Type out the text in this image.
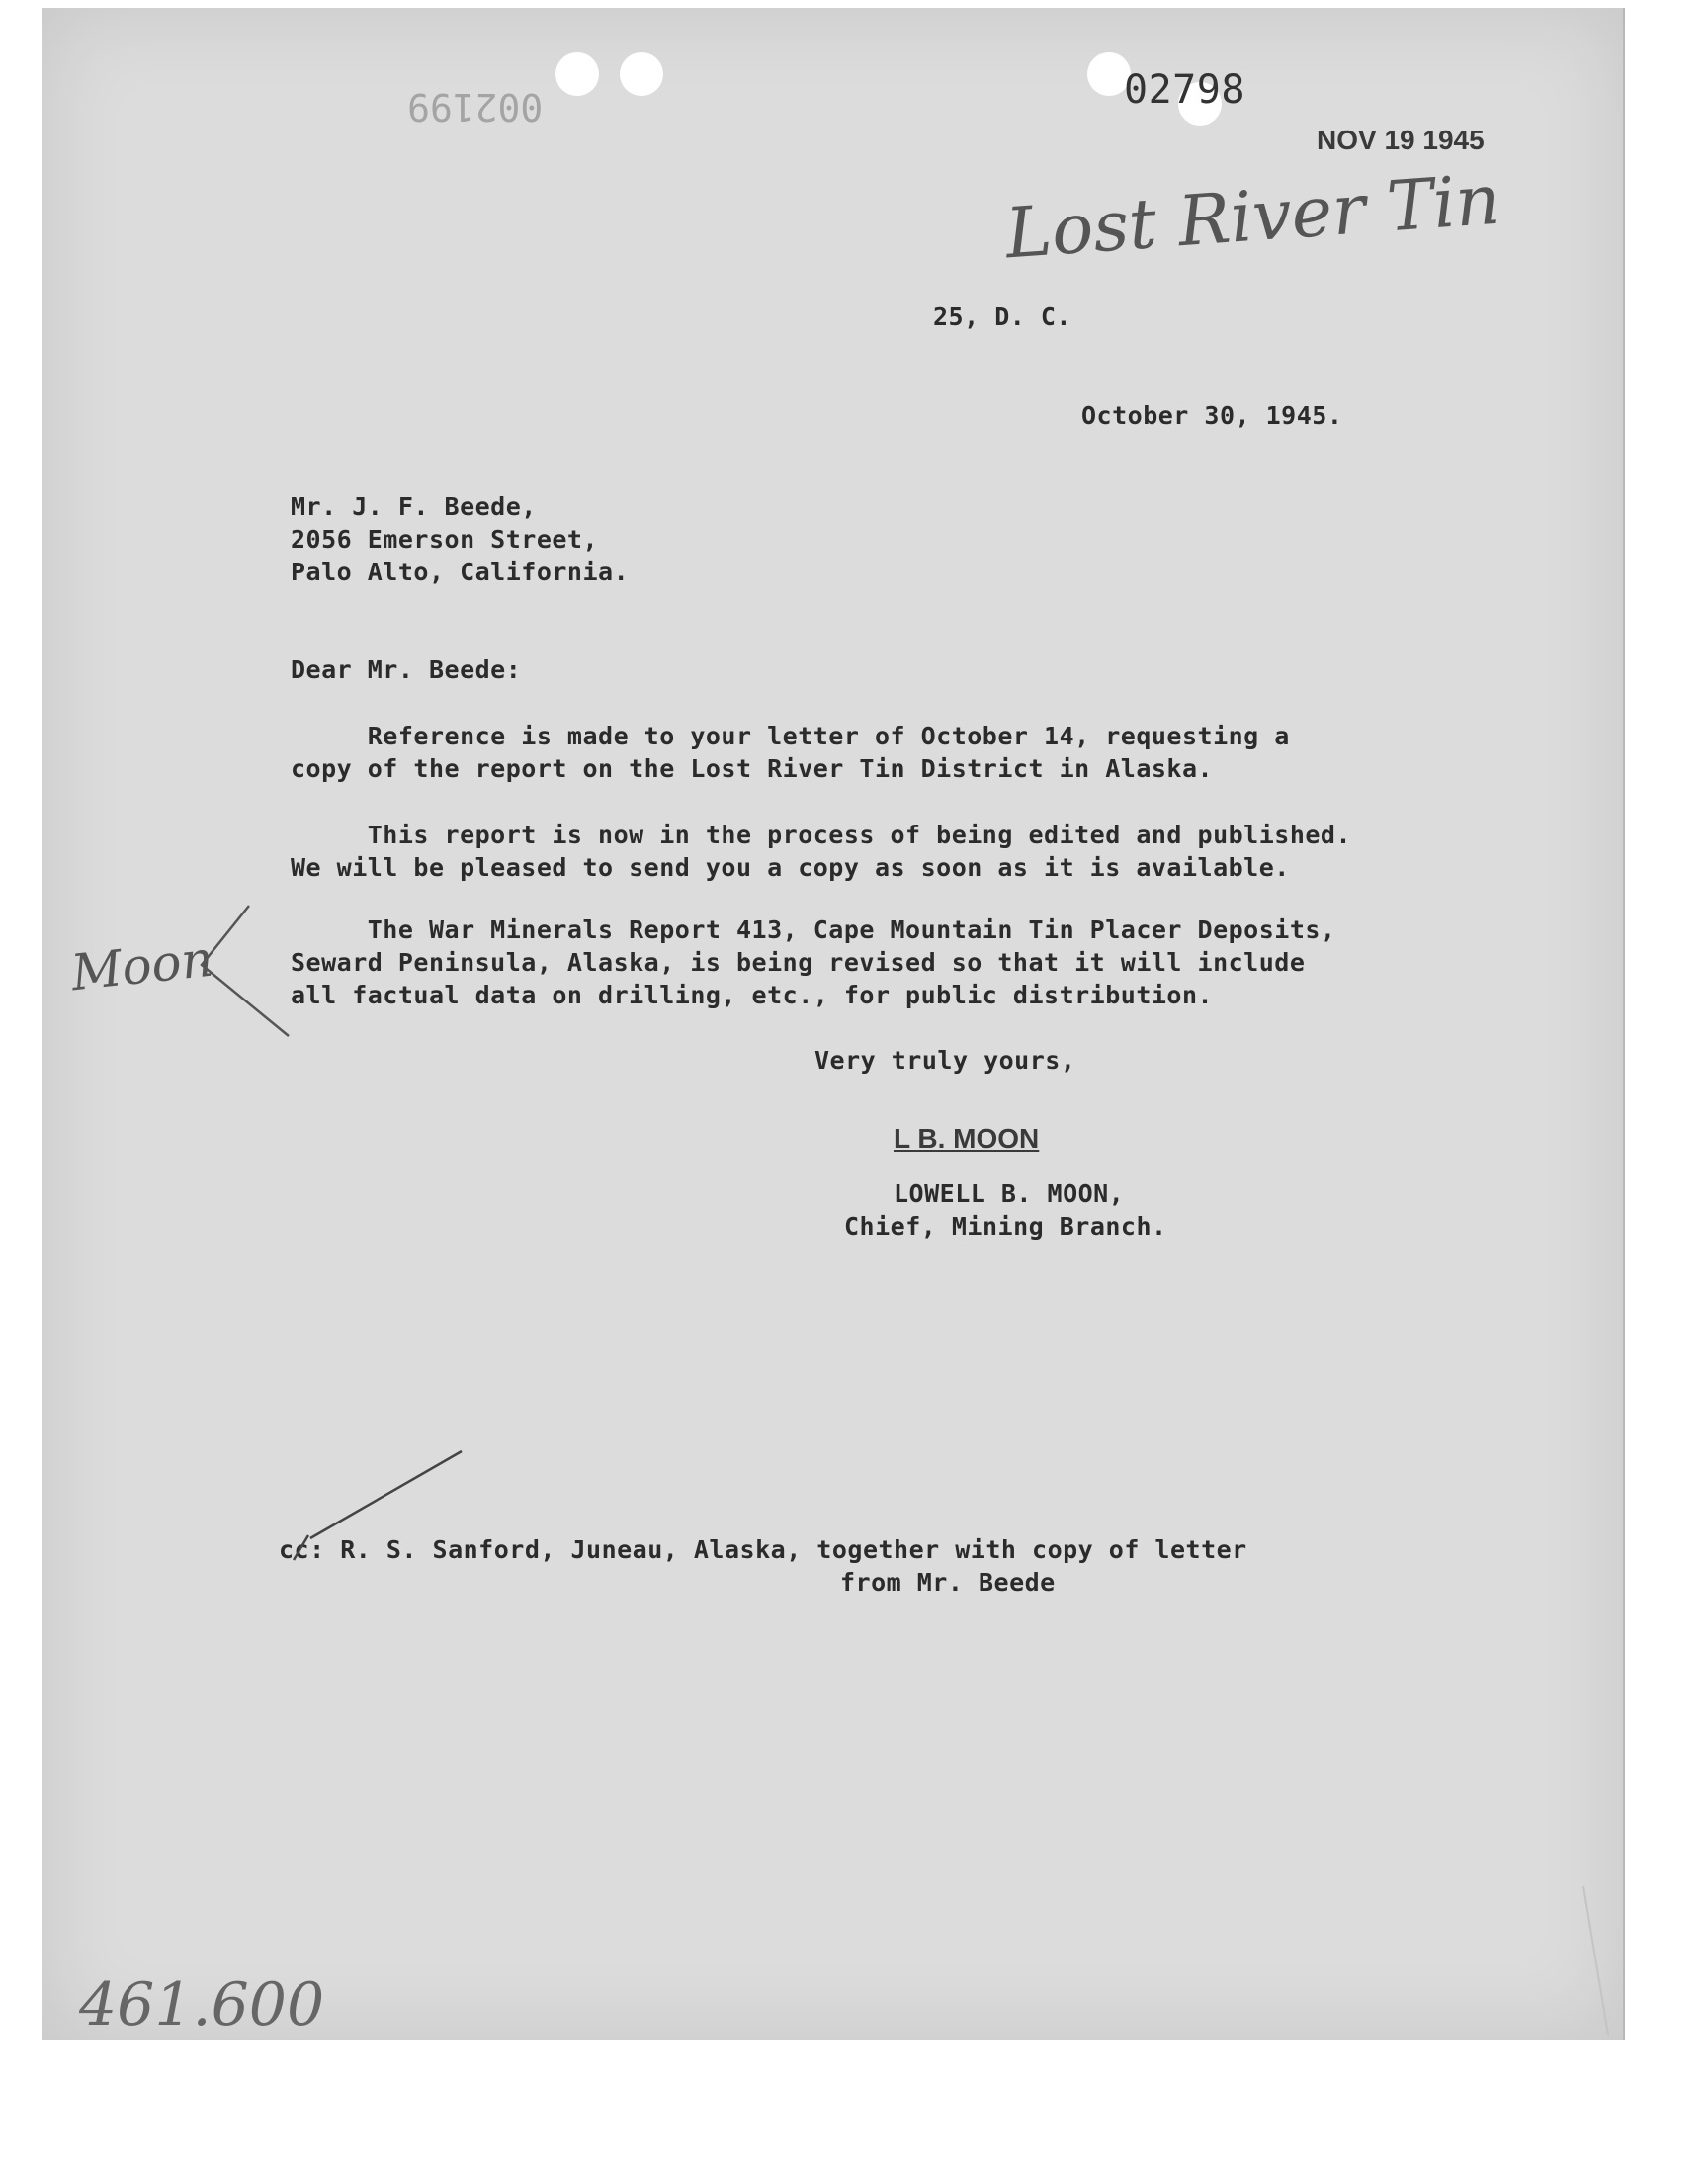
002199	02798
NOV 19 1945
Lost River Tin
25, D. C.
October 30, 1945.
Mr. J. F. Beede,
2056 Emerson Street,
Palo Alto, California.
Dear Mr. Beede:
Reference is made to your letter of October 14, requesting a
copy of the report on the Lost River Tin District in Alaska.
This report is now in the process of being edited and published.
We will be pleased to send you a copy as soon as it is available.
The War Minerals Report 413, Cape Mountain Tin Placer Deposits,
Seward Peninsula, Alaska, is being revised so that it will include
all factual data on drilling, etc., for public distribution.
Moon
Very truly yours,
L B. MOON
LOWELL B. MOON,
Chief, Mining Branch.
cc: R. S. Sanford, Juneau, Alaska, together with copy of letter
from Mr. Beede
461.600
